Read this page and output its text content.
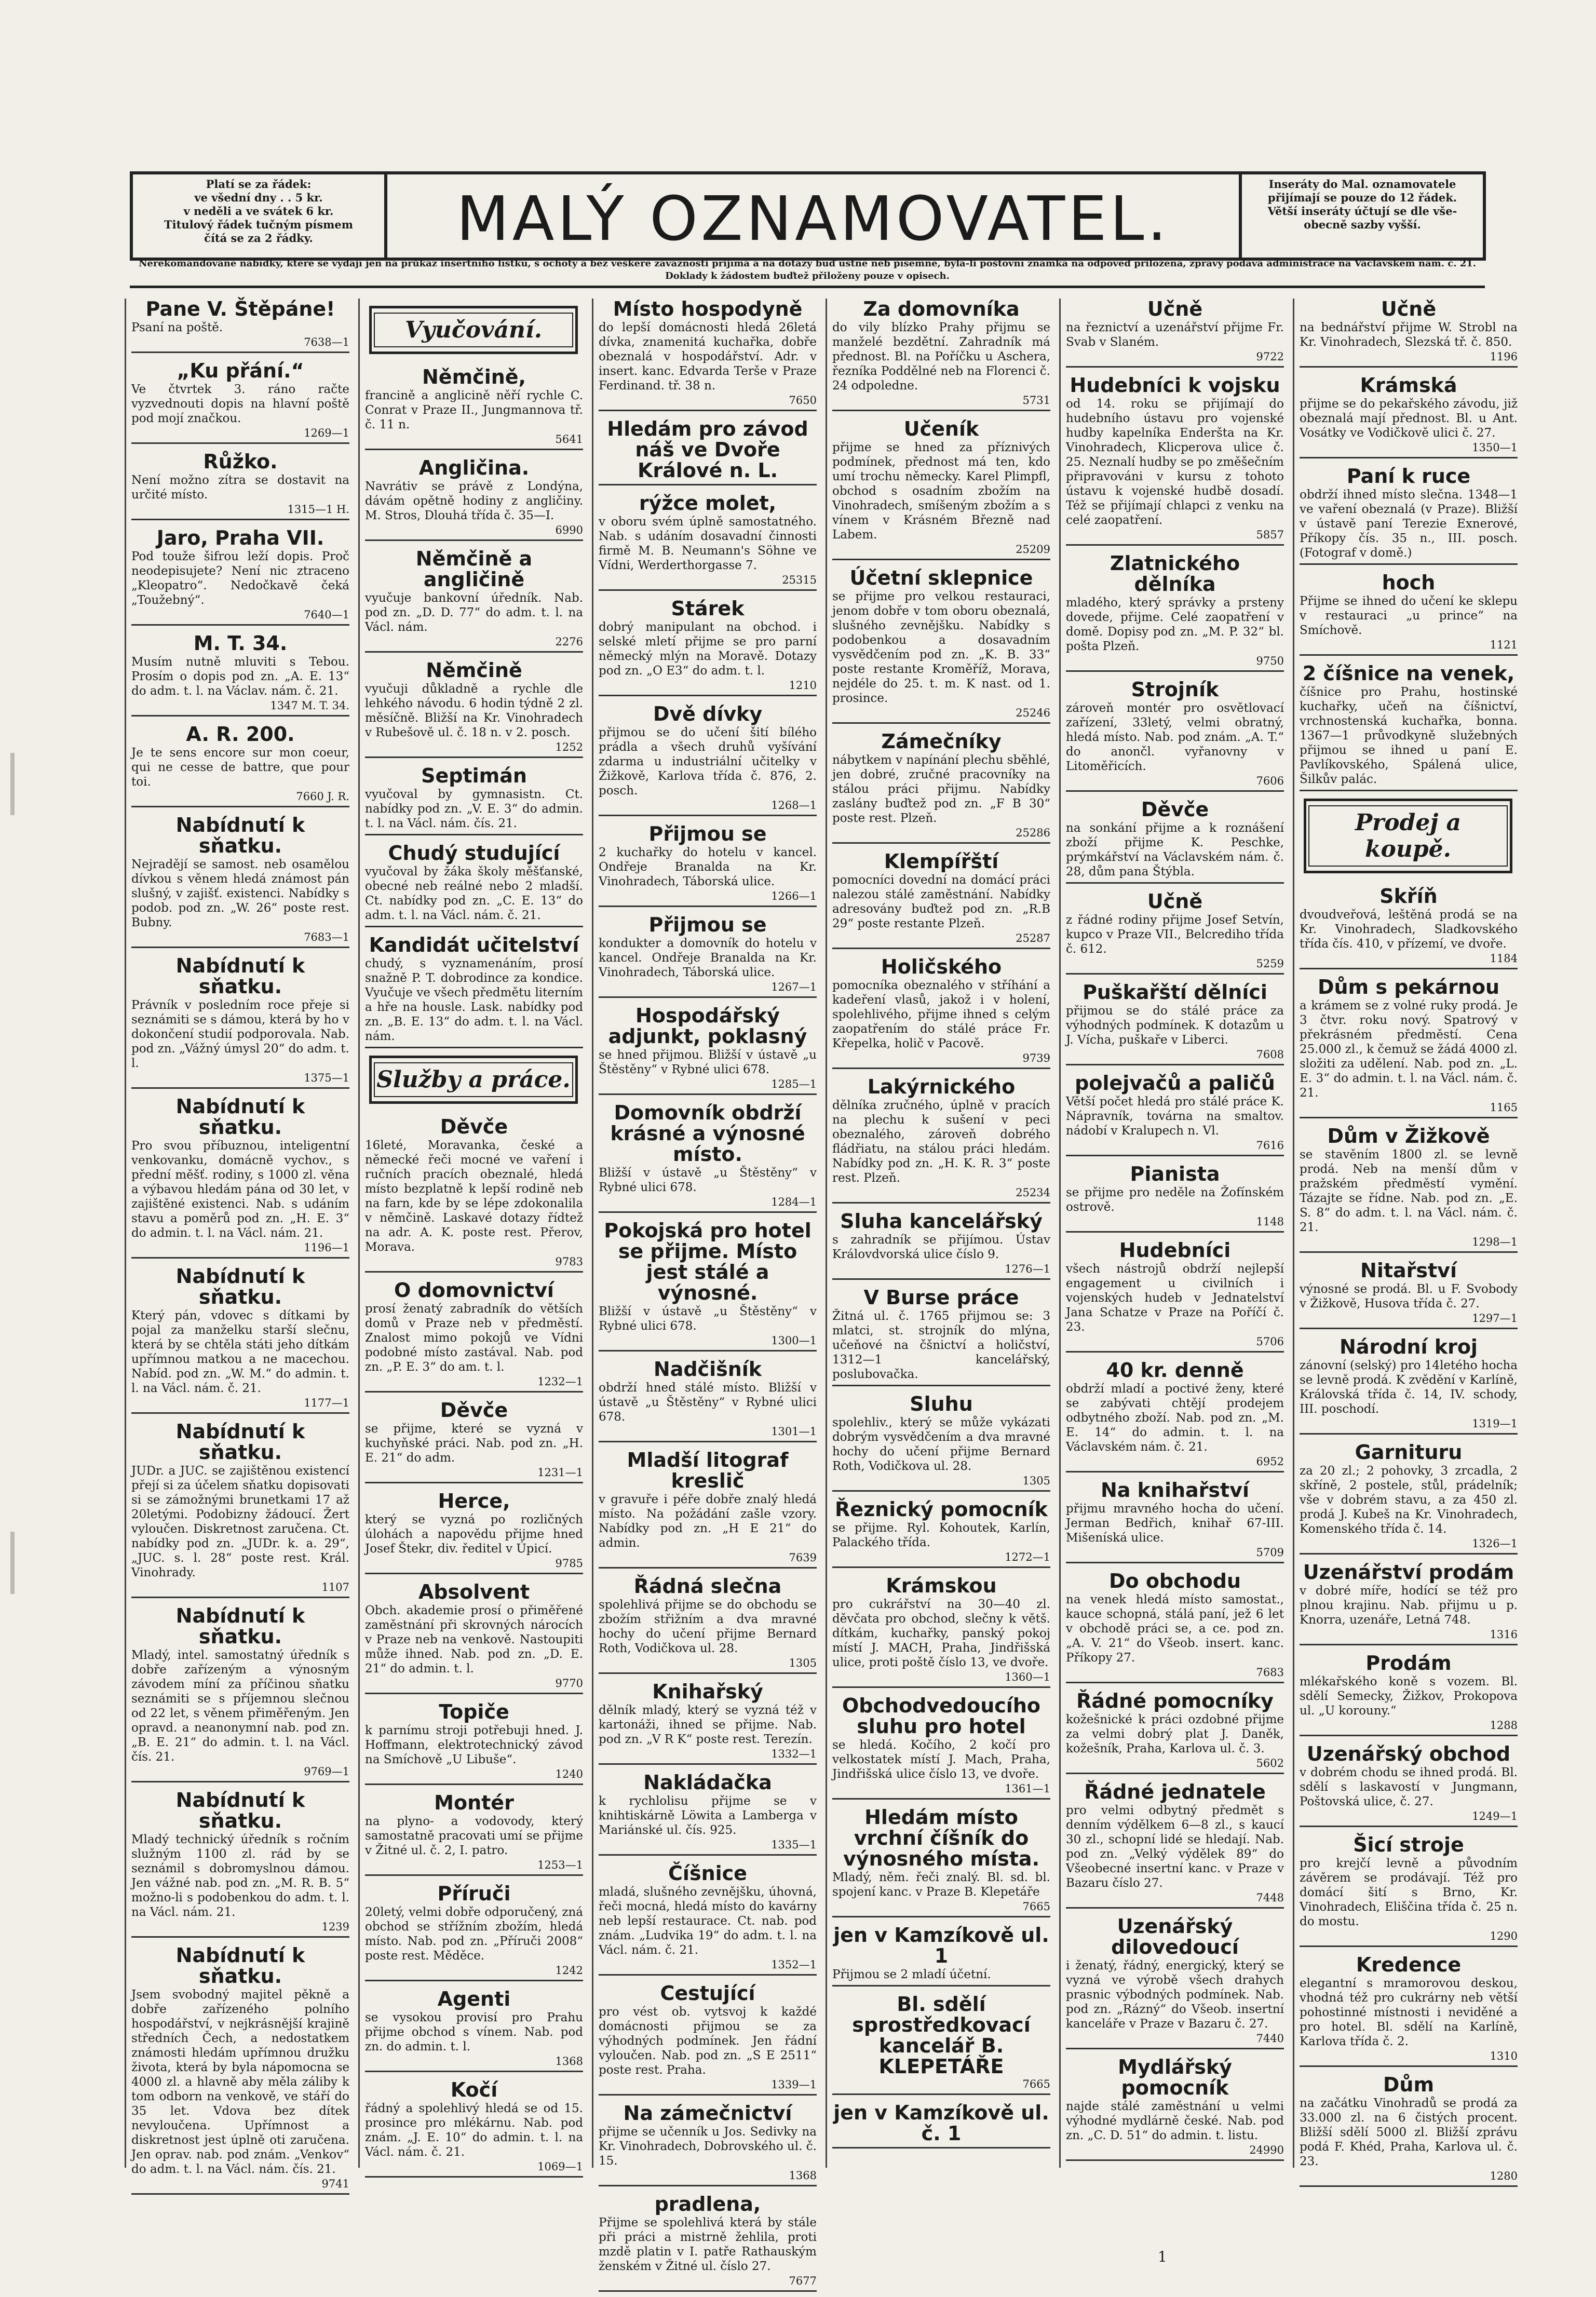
Platí se za řádek:
ve všední dny . . 5 kr.
v neděli a ve svátek 6 kr.
Titulový řádek tučným písmem
čítá se za 2 řádky.	MALÝ OZNAMOVATEL.	Inseráty do Mal. oznamovatele
přijímají se pouze do 12 řádek.
Větší inseráty účtují se dle vše-
obecně sazby vyšší.
Nerekomandované nabídky, které se vydají jen na průkaz insertního lístku, s ochoty a bez veškeré závaznosti přijímá a na dotazy buď ústně neb písemně, byla-li poštovní známka na odpověď přiložena, zprávy podává administrace na Václavském nám. č. 21. Doklady k žádostem buďtež přiloženy pouze v opisech.
Pane V. Štěpáne!

Psaní na poště.

7638—1
„Ku přání.“

Ve čtvrtek 3. ráno račte vyzvednouti dopis na hlavní poště pod mojí značkou.

1269—1
Růžko.

Není možno zítra se dostavit na určité místo.

1315—1 H.
Jaro, Praha VII.

Pod touže šifrou leží dopis. Proč neodepisujete? Není nic ztraceno „Kleopatro“. Nedočkavě čeká „Toužebný“.

7640—1
M. T. 34.

Musím nutně mluviti s Tebou. Prosím o dopis pod zn. „A. E. 13“ do adm. t. l. na Václav. nám. č. 21.

1347 M. T. 34.
A. R. 200.

Je te sens encore sur mon coeur, qui ne cesse de battre, que pour toi.

7660 J. R.
Nabídnutí k sňatku.

Nejradějí se samost. neb osamělou dívkou s věnem hledá známost pán slušný, v zajišť. existenci. Nabídky s podob. pod zn. „W. 26“ poste rest. Bubny.

7683—1
Nabídnutí k sňatku.

Právník v posledním roce přeje si seznámiti se s dámou, která by ho v dokončení studií podporovala. Nab. pod zn. „Vážný úmysl 20“ do adm. t. l.

1375—1
Nabídnutí k sňatku.

Pro svou příbuznou, inteligentní venkovanku, domácně vychov., s přední měšť. rodiny, s 1000 zl. věna a výbavou hledám pána od 30 let, v zajištěné existenci. Nab. s udáním stavu a poměrů pod zn. „H. E. 3“ do admin. t. l. na Václ. nám. 21.

1196—1
Nabídnutí k sňatku.

Který pán, vdovec s dítkami by pojal za manželku starší slečnu, která by se chtěla státi jeho dítkám upřímnou matkou a ne macechou. Nabíd. pod zn. „W. M.“ do admin. t. l. na Václ. nám. č. 21.

1177—1
Nabídnutí k sňatku.

JUDr. a JUC. se zajištěnou existencí přejí si za účelem sňatku dopisovati si se zámožnými brunetkami 17 až 20letými. Podobizny žádoucí. Žert vyloučen. Diskretnost zaručena. Ct. nabídky pod zn. „JUDr. k. a. 29“, „JUC. s. l. 28“ poste rest. Král. Vinohrady.

1107
Nabídnutí k sňatku.

Mladý, intel. samostatný úředník s dobře zařízeným a výnosným závodem míní za příčinou sňatku seznámiti se s příjemnou slečnou od 22 let, s věnem přiměřeným. Jen opravd. a neanonymní nab. pod zn. „B. E. 21“ do admin. t. l. na Václ. čís. 21.

9769—1
Nabídnutí k sňatku.

Mladý technický úředník s ročním služným 1100 zl. rád by se seznámil s dobromyslnou dámou. Jen vážné nab. pod zn. „M. R. B. 5“ možno-li s podobenkou do adm. t. l. na Václ. nám. 21.

1239
Nabídnutí k sňatku.

Jsem svobodný majitel pěkně a dobře zařízeného polního hospodářství, v nejkrásnější krajině středních Čech, a nedostatkem známosti hledám upřímnou družku života, která by byla nápomocna se 4000 zl. a hlavně aby měla záliby k tom odborn na venkově, ve stáří do 35 let. Vdova bez dítek nevyloučena. Upřímnost a diskretnost jest úplně oti zaručena. Jen oprav. nab. pod znám. „Venkov“ do adm. t. l. na Václ. nám. čís. 21.

9741
Vyučování.
Němčině,

francině a anglicině něří rychle C. Conrat v Praze II., Jungmannova tř. č. 11 n.

5641
Angličina.

Navrátiv se právě z Londýna, dávám opětně hodiny z angličiny. M. Stros, Dlouhá třída č. 35—I.

6990
Němčině a angličině

vyučuje bankovní úředník. Nab. pod zn. „D. D. 77“ do adm. t. l. na Václ. nám.

2276
Němčině

vyučuji důkladně a rychle dle lehkého návodu. 6 hodin týdně 2 zl. měsíčně. Bližší na Kr. Vinohradech v Rubešově ul. č. 18 n. v 2. posch.

1252
Septimán

vyučoval by gymnasistn. Ct. nabídky pod zn. „V. E. 3“ do admin. t. l. na Václ. nám. čís. 21.

Chudý studující

vyučoval by žáka školy měšťanské, obecné neb reálné nebo 2 mladší. Ct. nabídky pod zn. „C. E. 13“ do adm. t. l. na Václ. nám. č. 21.

Kandidát učitelství

chudý, s vyznamenáním, prosí snažně P. T. dobrodince za kondice. Vyučuje ve všech předmětu literním a hře na housle. Lask. nabídky pod zn. „B. E. 13“ do adm. t. l. na Václ. nám.

Služby a práce.
Děvče

16leté, Moravanka, české a německé řeči mocné ve vaření i ručních pracích obeznalé, hledá místo bezplatně k lepší rodině neb na farn, kde by se lépe zdokonalila v němčině. Laskavé dotazy řídtež na adr. A. K. poste rest. Přerov, Morava.

9783
O domovnictví

prosí ženatý zabradník do větších domů v Praze neb v předměstí. Znalost mimo pokojů ve Vídni podobné místo zastával. Nab. pod zn. „P. E. 3“ do am. t. l.

1232—1
Děvče

se přijme, které se vyzná v kuchyňské práci. Nab. pod zn. „H. E. 21“ do adm.

1231—1
Herce,

který se vyzná po rozličných úlohách a napovědu přijme hned Josef Štekr, div. ředitel v Úpicí.

9785
Absolvent

Obch. akademie prosí o přiměřené zaměstnání při skrovných nárocích v Praze neb na venkově. Nastoupiti může ihned. Nab. pod zn. „D. E. 21“ do admin. t. l.

9770
Topiče

k parnímu stroji potřebuji hned. J. Hoffmann, elektrotechnický závod na Smíchově „U Libuše“.

1240
Montér

na plyno- a vodovody, který samostatně pracovati umí se přijme v Žitné ul. č. 2, I. patro.

1253—1
Příruči

20letý, velmi dobře odporučený, zná obchod se střížním zbožím, hledá místo. Nab. pod zn. „Příruči 2008“ poste rest. Měděce.

1242
Agenti

se vysokou provisí pro Prahu přijme obchod s vínem. Nab. pod zn. do admin. t. l.

1368
Kočí

řádný a spolehlivý hledá se od 15. prosince pro mlékárnu. Nab. pod znám. „J. E. 10“ do admin. t. l. na Václ. nám. č. 21.

1069—1
Místo hospodyně

do lepší domácnosti hledá 26letá dívka, znamenitá kuchařka, dobře obeznalá v hospodářství. Adr. v insert. kanc. Edvarda Terše v Praze Ferdinand. tř. 38 n.

7650
Hledám pro závod náš ve Dvoře Králové n. L.

rýžce molet,

v oboru svém úplně samostatného. Nab. s udáním dosavadní činnosti firmě M. B. Neumann's Söhne ve Vídni, Werderthorgasse 7.

25315
Stárek

dobrý manipulant na obchod. i selské mletí přijme se pro parní německý mlýn na Moravě. Dotazy pod zn. „O E3“ do adm. t. l.

1210
Dvě dívky

přijmou se do učení šití bílého prádla a všech druhů vyšívání zdarma u industriální učitelky v Žižkově, Karlova třída č. 876, 2. posch.

1268—1
Přijmou se

2 kuchařky do hotelu v kancel. Ondřeje Branalda na Kr. Vinohradech, Táborská ulice.

1266—1
Přijmou se

kondukter a domovník do hotelu v kancel. Ondřeje Branalda na Kr. Vinohradech, Táborská ulice.

1267—1
Hospodářský adjunkt, poklasný

se hned přijmou. Bližší v ústavě „u Štěstěny“ v Rybné ulici 678.

1285—1
Domovník obdrží krásné a výnosné místo.

Bližší v ústavě „u Štěstěny“ v Rybné ulici 678.

1284—1
Pokojská pro hotel se přijme. Místo jest stálé a výnosné.

Bližší v ústavě „u Štěstěny“ v Rybné ulici 678.

1300—1
Nadčišník

obdrží hned stálé místo. Bližší v ústavě „u Štěstěny“ v Rybné ulici 678.

1301—1
Mladší litograf kreslič

v gravuře i péře dobře znalý hledá místo. Na požádání zašle vzory. Nabídky pod zn. „H E 21“ do admin.

7639
Řádná slečna

spolehlivá přijme se do obchodu se zbožím střižním a dva mravné hochy do učení přijme Bernard Roth, Vodičkova ul. 28.

1305
Knihařský

dělník mladý, který se vyzná též v kartonáži, ihned se přijme. Nab. pod zn. „V R K“ poste rest. Terezín.

1332—1
Nakládačka

k rychlolisu přijme se v knihtiskárně Löwita a Lamberga v Mariánské ul. čís. 925.

1335—1
Číšnice

mladá, slušného zevnějšku, úhovná, řeči mocná, hledá místo do kavárny neb lepší restaurace. Ct. nab. pod znám. „Ludvika 19“ do adm. t. l. na Václ. nám. č. 21.

1352—1
Cestující

pro vést ob. vytsvoj k každé domácnosti přijmou se za výhodných podmínek. Jen řádní vyloučen. Nab. pod zn. „S E 2511“ poste rest. Praha.

1339—1
Na zámečnictví

přijme se učenník u Jos. Sedivky na Kr. Vinohradech, Dobrovského ul. č. 15.

1368
pradlena,

Přijme se spolehlivá která by stále při práci a mistrně žehlila, proti mzdě platin v I. patře Rathauským ženském v Žitné ul. číslo 27.

7677
Za domovníka

do vily blízko Prahy přijmu se manželé bezdětní. Zahradník má přednost. Bl. na Poříčku u Aschera, řezníka Poddělné neb na Florenci č. 24 odpoledne.

5731
Učeník

přijme se hned za příznivých podmínek, přednost má ten, kdo umí trochu německy. Karel Plimpfl, obchod s osadním zbožím na Vinohradech, smíšeným zbožím a s vínem v Krásném Březně nad Labem.

25209
Účetní sklepnice

se přijme pro velkou restauraci, jenom dobře v tom oboru obeznalá, slušného zevnějšku. Nabídky s podobenkou a dosavadním vysvědčením pod zn. „K. B. 33“ poste restante Kroměříž, Morava, nejdéle do 25. t. m. K nast. od 1. prosince.

25246
Zámečníky

nábytkem v napínání plechu sběhlé, jen dobré, zručné pracovníky na stálou práci přijmu. Nabídky zaslány buďtež pod zn. „F B 30“ poste rest. Plzeň.

25286
Klempířští

pomocníci dovední na domácí práci nalezou stálé zaměstnání. Nabídky adresovány buďtež pod zn. „R.B 29“ poste restante Plzeň.

25287
Holičského

pomocníka obeznalého v stříhání a kadeření vlasů, jakož i v holení, spolehlivého, přijme ihned s celým zaopatřením do stálé práce Fr. Křepelka, holič v Pacově.

9739
Lakýrnického

dělníka zručného, úplně v pracích na plechu k sušení v peci obeznalého, zároveň dobrého fládřiatu, na stálou práci hledám. Nabídky pod zn. „H. K. R. 3“ poste rest. Plzeň.

25234
Sluha kancelářský

s zahradník se přijímou. Ústav Královdvorská ulice číslo 9.

1276—1
V Burse práce

Žitná ul. č. 1765 přijmou se: 3 mlatci, st. strojník do mlýna, učeňové na čšnictví a holičství, 1312—1 kancelářský, poslubovačka.

Sluhu

spolehliv., který se může vykázati dobrým vysvědčením a dva mravné hochy do učení přijme Bernard Roth, Vodičkova ul. 28.

1305
Řeznický pomocník

se přijme. Ryl. Kohoutek, Karlín, Palackého třída.

1272—1
Krámskou

pro cukrářství na 30—40 zl. děvčata pro obchod, slečny k větš. dítkám, kuchařky, panský pokoj místí J. MACH, Praha, Jindřišská ulice, proti poště číslo 13, ve dvoře.

1360—1
Obchodvedoucího sluhu pro hotel

se hledá. Kočího, 2 kočí pro velkostatek místí J. Mach, Praha, Jindřišská ulice číslo 13, ve dvoře.

1361—1
Hledám místo vrchní číšník do výnosného místa.

Mladý, něm. řeči znalý. Bl. sd. bl. spojení kanc. v Praze B. Klepetáře

7665
jen v Kamzíkově ul. 1

Přijmou se 2 mladí účetní.

Bl. sdělí sprostředkovací kancelář B. KLEPETÁŘE

7665
jen v Kamzíkově ul. č. 1

Učně

na řeznictví a uzenářství přijme Fr. Svab v Slaném.

9722
Hudebníci k vojsku

od 14. roku se přijímají do hudebního ústavu pro vojenské hudby kapelníka Enderšta na Kr. Vinohradech, Klicperova ulice č. 25. Neznalí hudby se po změšečním připravováni v kursu z tohoto ústavu k vojenské hudbě dosadí. Též se přijímají chlapci z venku na celé zaopatření.

5857
Zlatnického dělníka

mladého, který správky a prsteny dovede, přijme. Celé zaopatření v domě. Dopisy pod zn. „M. P. 32“ bl. pošta Plzeň.

9750
Strojník

zároveň montér pro osvětlovací zařízení, 33letý, velmi obratný, hledá místo. Nab. pod znám. „A. T.“ do anončl. vyřanovny v Litoměřicích.

7606
Děvče

na sonkání přijme a k roznášení zboží přijme K. Peschke, prýmkářství na Václavském nám. č. 28, dům pana Štýbla.

Učně

z řádné rodiny přijme Josef Setvín, kupco v Praze VII., Belcrediho třída č. 612.

5259
Puškařští dělníci

přijmou se do stálé práce za výhodných podmínek. K dotazům u J. Vícha, puškaře v Liberci.

7608
polejvačů a paličů

Větší počet hledá pro stálé práce K. Nápravník, továrna na smaltov. nádobí v Kralupech n. Vl.

7616
Pianista

se přijme pro neděle na Žofínském ostrově.

1148
Hudebníci

všech nástrojů obdrží nejlepší engagement u civilních i vojenských hudeb v Jednatelství Jana Schatze v Praze na Poříčí č. 23.

5706
40 kr. denně

obdrží mladí a poctivé ženy, které se zabývati chtějí prodejem odbytného zboží. Nab. pod zn. „M. E. 14“ do admin. t. l. na Václavském nám. č. 21.

6952
Na knihařství

přijmu mravného hocha do učení. Jerman Bedřich, knihař 67-III. Mišeníská ulice.

5709
Do obchodu

na venek hledá místo samostat., kauce schopná, stálá paní, jež 6 let v obchodě práci se, a ce. pod zn. „A. V. 21“ do Všeob. insert. kanc. Příkopy 27.

7683
Řádné pomocníky

kožešnické k práci ozdobné přijme za velmi dobrý plat J. Daněk, kožešník, Praha, Karlova ul. č. 3.

5602
Řádné jednatele

pro velmi odbytný předmět s denním výdělkem 6—8 zl., s kaucí 30 zl., schopní lidé se hledají. Nab. pod zn. „Velký výdělek 89“ do Všeobecné insertní kanc. v Praze v Bazaru číslo 27.

7448
Uzenářský dilovedoucí

i ženatý, řádný, energický, který se vyzná ve výrobě všech drahych prasnic výbodných podmínek. Nab. pod zn. „Rázný“ do Všeob. insertní kanceláře v Praze v Bazaru č. 27.

7440
Mydlářský pomocník

najde stálé zaměstnání u velmi výhodné mydlárně české. Nab. pod zn. „C. D. 51“ do admin. t. listu.

24990
Učně

na bednářství přijme W. Strobl na Kr. Vinohradech, Slezská tř. č. 850.

1196
Krámská

přijme se do pekařského závodu, již obeznalá mají přednost. Bl. u Ant. Vosátky ve Vodičkově ulici č. 27.

1350—1
Paní k ruce

obdrží ihned místo slečna. 1348—1 ve vaření obeznalá (v Praze). Bližší v ústavě paní Terezie Exnerové, Příkopy čís. 35 n., III. posch. (Fotograf v domě.)

hoch

Přijme se ihned do učení ke sklepu v restauraci „u prince“ na Smíchově.

1121
2 číšnice na venek,

číšnice pro Prahu, hostinské kuchařky, učeň na číšnictví, vrchnostenská kuchařka, bonna. 1367—1 průvodkyně služebných přijmou se ihned u paní E. Pavlíkovského, Spálená ulice, Šilkův palác.

Prodej a koupě.
Skříň

dvoudveřová, leštěná prodá se na Kr. Vinohradech, Sladkovského třída čís. 410, v přízemí, ve dvoře.

1184
Dům s pekárnou

a krámem se z volné ruky prodá. Je 3 čtvr. roku nový. Spatrový v překrásném předměstí. Cena 25.000 zl., k čemuž se žádá 4000 zl. složiti za udělení. Nab. pod zn. „L. E. 3“ do admin. t. l. na Václ. nám. č. 21.

1165
Dům v Žižkově

se stavěním 1800 zl. se levně prodá. Neb na menší dům v pražském předměstí vymění. Tázajte se řídne. Nab. pod zn. „E. S. 8“ do adm. t. l. na Václ. nám. č. 21.

1298—1
Nitařství

výnosné se prodá. Bl. u F. Svobody v Žižkově, Husova třída č. 27.

1297—1
Národní kroj

zánovní (selský) pro 14letého hocha se levně prodá. K zvědění v Karlíně, Královská třída č. 14, IV. schody, III. poschodí.

1319—1
Garnituru

za 20 zl.; 2 pohovky, 3 zrcadla, 2 skříně, 2 postele, stůl, prádelník; vše v dobrém stavu, a za 450 zl. prodá J. Kubeš na Kr. Vinohradech, Komenského třída č. 14.

1326—1
Uzenářství prodám

v dobré míře, hodící se též pro plnou krajinu. Nab. přijmu u p. Knorra, uzenáře, Letná 748.

1316
Prodám

mlékařského koně s vozem. Bl. sdělí Semecky, Žižkov, Prokopova ul. „U korouny.“

1288
Uzenářský obchod

v dobrém chodu se ihned prodá. Bl. sdělí s laskavostí v Jungmann, Poštovská ulice, č. 27.

1249—1
Šicí stroje

pro krejčí levně a původním závěrem se prodávají. Též pro domácí šití s Brno, Kr. Vinohradech, Eliščina třída č. 25 n. do mostu.

1290
Kredence

elegantní s mramorovou deskou, vhodná též pro cukrárny neb větší pohostinné místnosti i neviděné a pro hotel. Bl. sdělí na Karlíně, Karlova třída č. 2.

1310
Dům

na začátku Vinohradů se prodá za 33.000 zl. na 6 čistých procent. Bližší sdělí 5000 zl. Bližší zprávu podá F. Khéd, Praha, Karlova ul. č. 23.

1280
1
